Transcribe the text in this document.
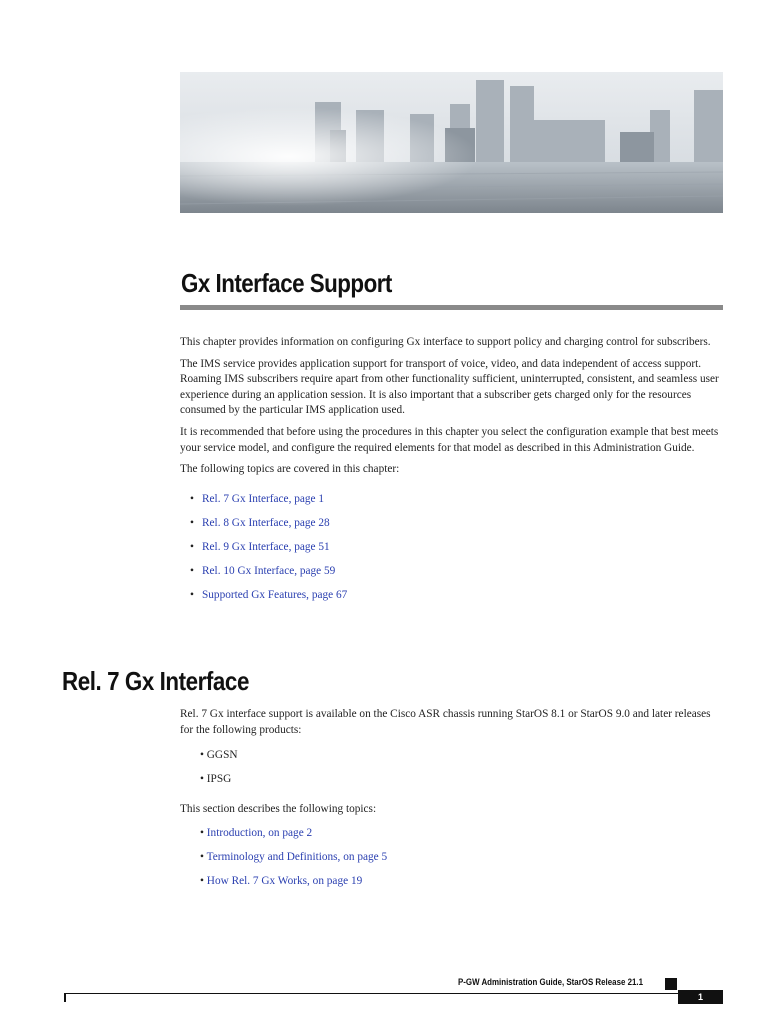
Gx Interface Support

This chapter provides information on configuring Gx interface to support policy and charging control for subscribers.

The IMS service provides application support for transport of voice, video, and data independent of access support. Roaming IMS subscribers require apart from other functionality sufficient, uninterrupted, consistent, and seamless user experience during an application session. It is also important that a subscriber gets charged only for the resources consumed by the particular IMS application used.

It is recommended that before using the procedures in this chapter you select the configuration example that best meets your service model, and configure the required elements for that model as described in this Administration Guide.

The following topics are covered in this chapter:

• Rel. 7 Gx Interface, page 1
• Rel. 8 Gx Interface, page 28
• Rel. 9 Gx Interface, page 51
• Rel. 10 Gx Interface, page 59
• Supported Gx Features, page 67
Rel. 7 Gx Interface

Rel. 7 Gx interface support is available on the Cisco ASR chassis running StarOS 8.1 or StarOS 9.0 and later releases for the following products:

• GGSN
• IPSG

This section describes the following topics:

• Introduction, on page 2
• Terminology and Definitions, on page 5
• How Rel. 7 Gx Works, on page 19
P-GW Administration Guide, StarOS Release 21.1
1
